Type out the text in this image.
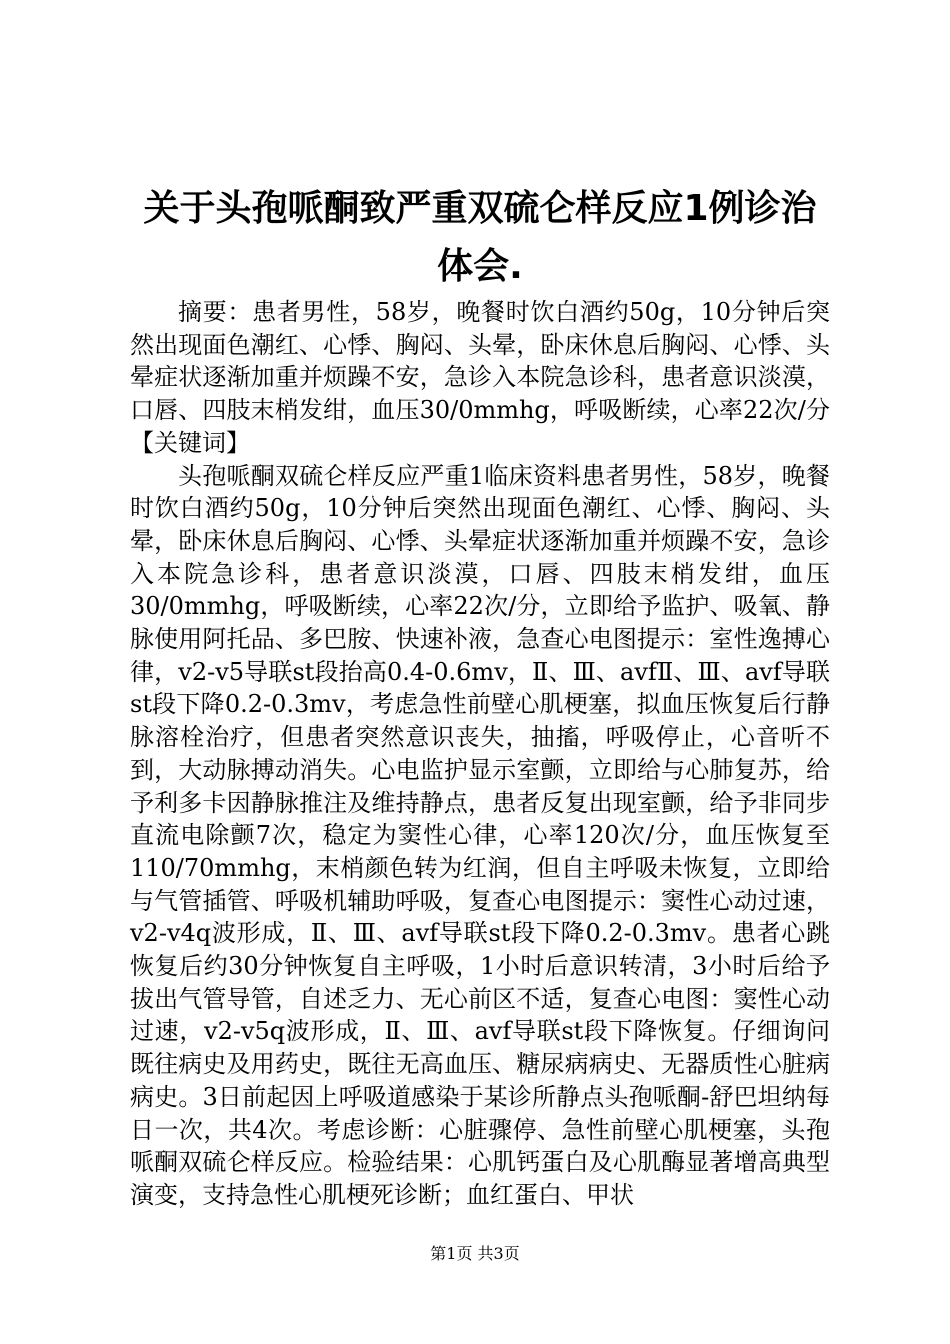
关于头孢哌酮致严重双硫仑样反应1例诊治体会.

摘要：患者男性，58岁，晚餐时饮白酒约50g，10分钟后突然出现面色潮红、心悸、胸闷、头晕，卧床休息后胸闷、心悸、头晕症状逐渐加重并烦躁不安，急诊入本院急诊科，患者意识淡漠，口唇、四肢末梢发绀，血压30/0mmhg，呼吸断续，心率22次/分【关键词】

头孢哌酮双硫仑样反应严重1临床资料患者男性，58岁，晚餐时饮白酒约50g，10分钟后突然出现面色潮红、心悸、胸闷、头晕，卧床休息后胸闷、心悸、头晕症状逐渐加重并烦躁不安，急诊入本院急诊科，患者意识淡漠，口唇、四肢末梢发绀，血压30/0mmhg，呼吸断续，心率22次/分，立即给予监护、吸氧、静脉使用阿托品、多巴胺、快速补液，急查心电图提示：室性逸搏心律，v2-v5导联st段抬高0.4-0.6mv，Ⅱ、Ⅲ、avfⅡ、Ⅲ、avf导联st段下降0.2-0.3mv，考虑急性前壁心肌梗塞，拟血压恢复后行静脉溶栓治疗，但患者突然意识丧失，抽搐，呼吸停止，心音听不到，大动脉搏动消失。心电监护显示室颤，立即给与心肺复苏，给予利多卡因静脉推注及维持静点，患者反复出现室颤，给予非同步直流电除颤7次，稳定为窦性心律，心率120次/分，血压恢复至110/70mmhg，末梢颜色转为红润，但自主呼吸未恢复，立即给与气管插管、呼吸机辅助呼吸，复查心电图提示：窦性心动过速，v2-v4q波形成，Ⅱ、Ⅲ、avf导联st段下降0.2-0.3mv。患者心跳恢复后约30分钟恢复自主呼吸，1小时后意识转清，3小时后给予拔出气管导管，自述乏力、无心前区不适，复查心电图：窦性心动过速，v2-v5q波形成，Ⅱ、Ⅲ、avf导联st段下降恢复。仔细询问既往病史及用药史，既往无高血压、糖尿病病史、无器质性心脏病病史。3日前起因上呼吸道感染于某诊所静点头孢哌酮-舒巴坦纳每日一次，共4次。考虑诊断：心脏骤停、急性前壁心肌梗塞，头孢哌酮双硫仑样反应。检验结果：心肌钙蛋白及心肌酶显著增高典型演变，支持急性心肌梗死诊断；血红蛋白、甲状

第1页 共3页
